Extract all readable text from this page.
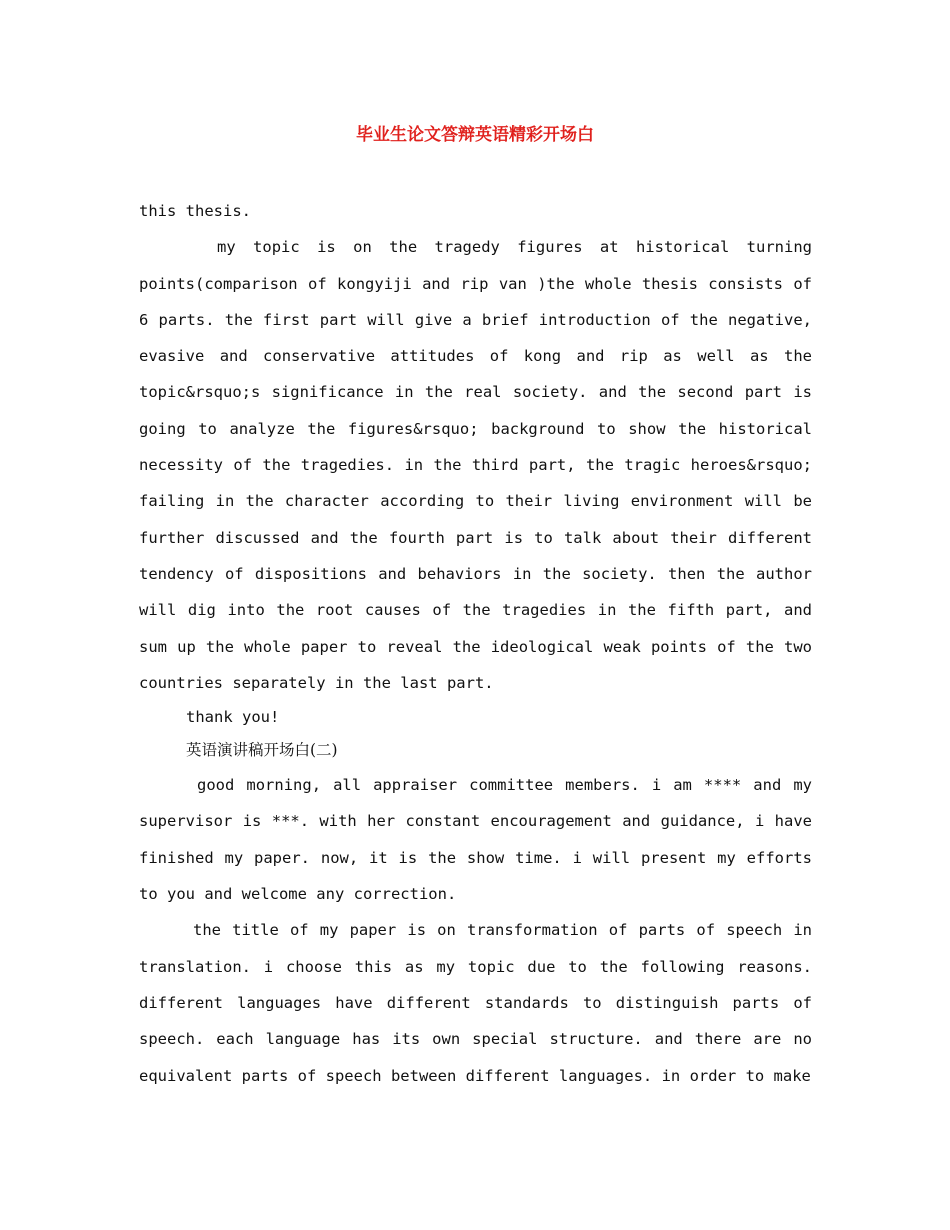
毕业生论文答辩英语精彩开场白

this thesis.

my topic is on the tragedy figures at historical turning points(comparison of kongyiji and rip van )the whole thesis consists of 6 parts. the first part will give a brief introduction of the negative, evasive and conservative attitudes of kong and rip as well as the topic&rsquo;s significance in the real society. and the second part is going to analyze the figures&rsquo; background to show the historical necessity of the tragedies. in the third part, the tragic heroes&rsquo; failing in the character according to their living environment will be further discussed and the fourth part is to talk about their different tendency of dispositions and behaviors in the society. then the author will dig into the root causes of the tragedies in the fifth part, and sum up the whole paper to reveal the ideological weak points of the two countries separately in the last part.

thank you!

英语演讲稿开场白(二)

good morning, all appraiser committee members. i am **** and my supervisor is ***. with her constant encouragement and guidance, i have finished my paper. now, it is the show time. i will present my efforts to you and welcome any correction.

the title of my paper is on transformation of parts of speech in translation. i choose this as my topic due to the following reasons. different languages have different standards to distinguish parts of speech. each language has its own special structure. and there are no equivalent parts of speech between different languages. in order to make
